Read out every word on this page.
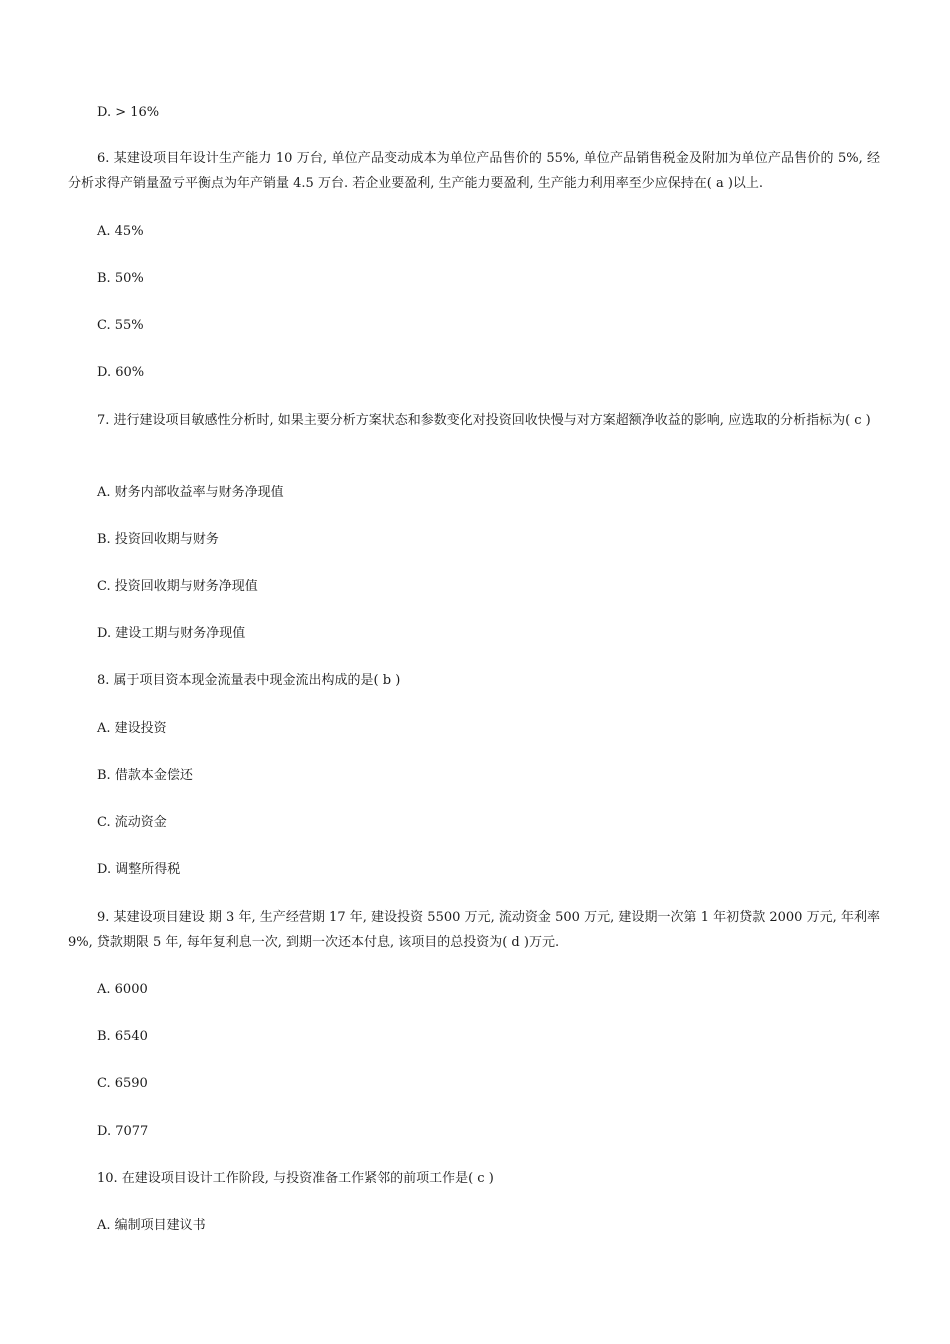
D. > 16%
6. 某建设项目年设计生产能力 10 万台, 单位产品变动成本为单位产品售价的 55%, 单位产品销售税金及附加为单位产品售价的 5%, 经分析求得产销量盈亏平衡点为年产销量 4.5 万台. 若企业要盈利, 生产能力要盈利, 生产能力利用率至少应保持在( a )以上.
A. 45%
B. 50%
C. 55%
D. 60%
7. 进行建设项目敏感性分析时, 如果主要分析方案状态和参数变化对投资回收快慢与对方案超额净收益的影响, 应选取的分析指标为( c )
A. 财务内部收益率与财务净现值
B. 投资回收期与财务
C. 投资回收期与财务净现值
D. 建设工期与财务净现值
8. 属于项目资本现金流量表中现金流出构成的是( b )
A. 建设投资
B. 借款本金偿还
C. 流动资金
D. 调整所得税
9. 某建设项目建设 期 3 年, 生产经营期 17 年, 建设投资 5500 万元, 流动资金 500 万元, 建设期一次第 1 年初贷款 2000 万元, 年利率 9%, 贷款期限 5 年, 每年复利息一次, 到期一次还本付息, 该项目的总投资为( d )万元.
A. 6000
B. 6540
C. 6590
D. 7077
10. 在建设项目设计工作阶段, 与投资准备工作紧邻的前项工作是( c )
A. 编制项目建议书
